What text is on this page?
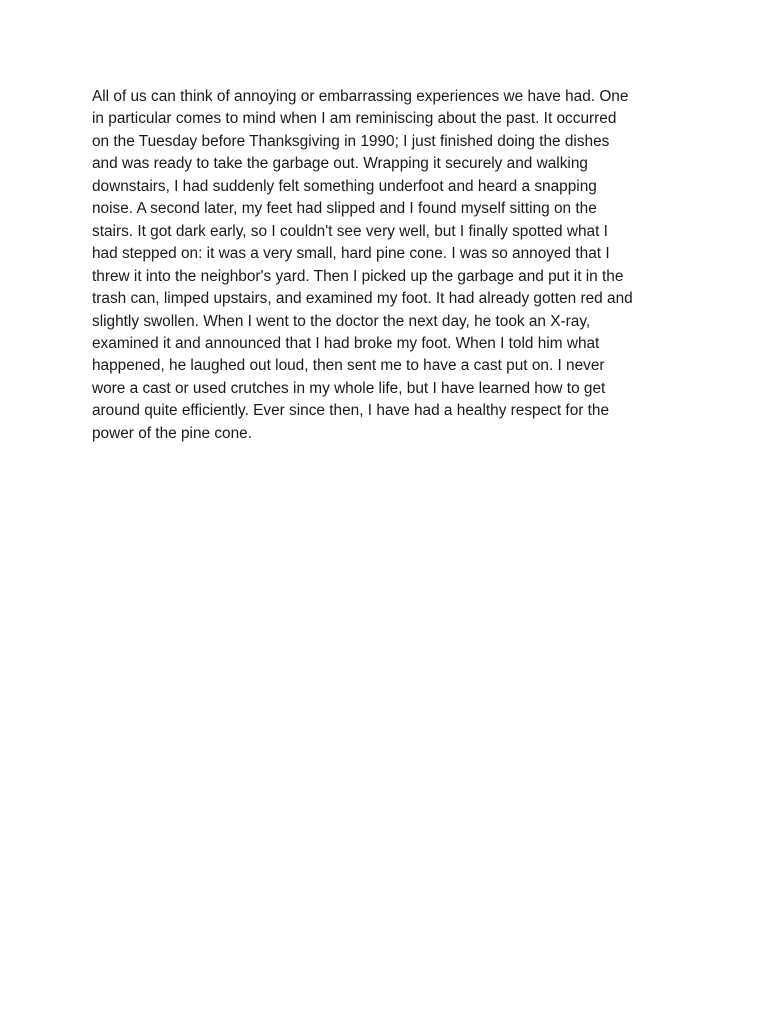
All of us can think of annoying or embarrassing experiences we have had. One
in particular comes to mind when I am reminiscing about the past. It occurred
on the Tuesday before Thanksgiving in 1990; I just finished doing the dishes
and was ready to take the garbage out. Wrapping it securely and walking
downstairs, I had suddenly felt something underfoot and heard a snapping
noise. A second later, my feet had slipped and I found myself sitting on the
stairs. It got dark early, so I couldn't see very well, but I finally spotted what I
had stepped on: it was a very small, hard pine cone. I was so annoyed that I
threw it into the neighbor's yard. Then I picked up the garbage and put it in the
trash can, limped upstairs, and examined my foot. It had already gotten red and
slightly swollen. When I went to the doctor the next day, he took an X-ray,
examined it and announced that I had broke my foot. When I told him what
happened, he laughed out loud, then sent me to have a cast put on. I never
wore a cast or used crutches in my whole life, but I have learned how to get
around quite efficiently. Ever since then, I have had a healthy respect for the
power of the pine cone.
